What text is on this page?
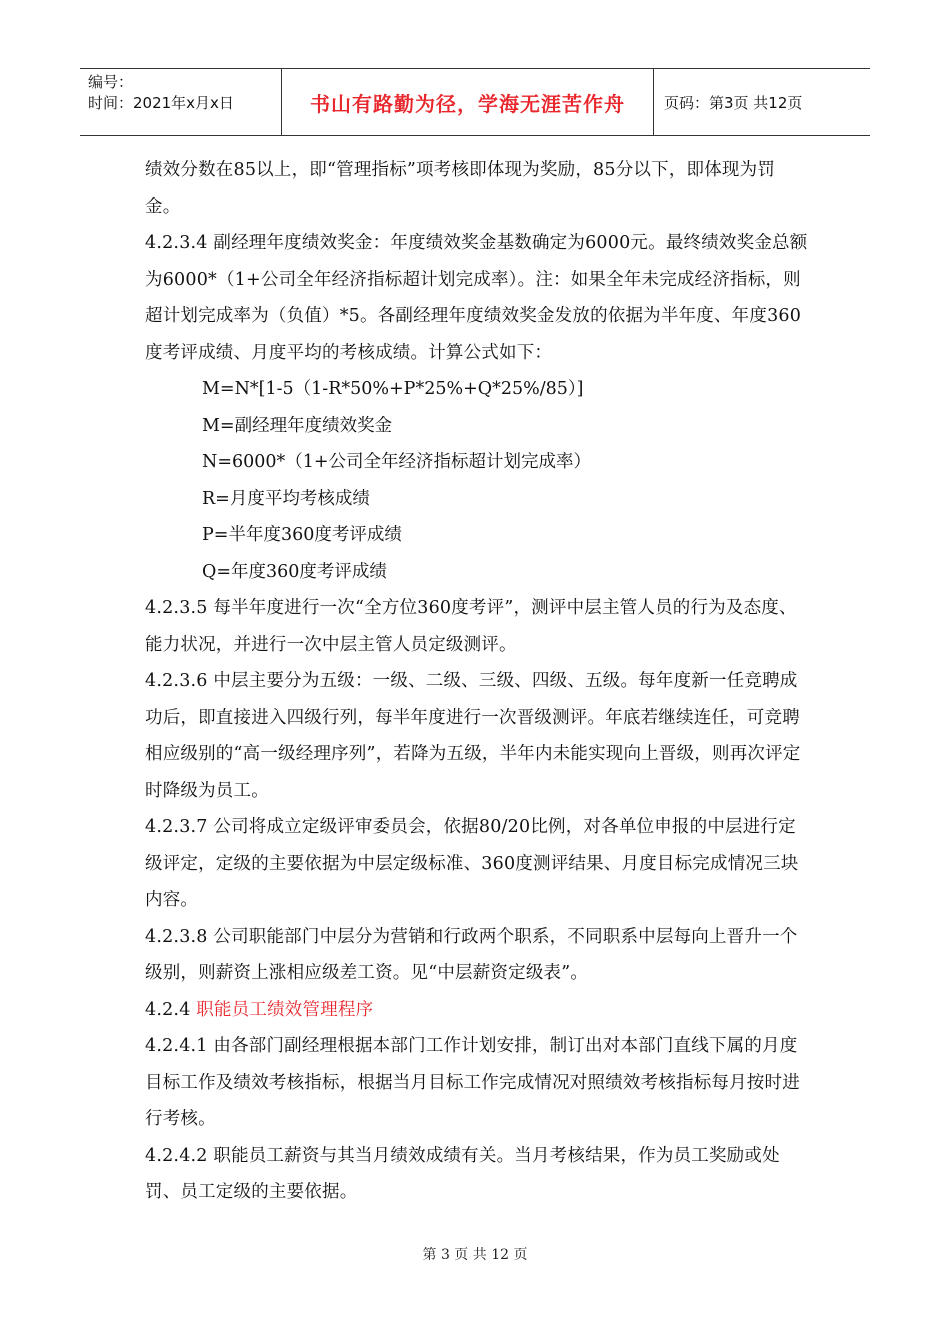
编号：
时间：2021年x月x日	书山有路勤为径，学海无涯苦作舟	页码：第3页 共12页

绩效分数在85以上，即“管理指标”项考核即体现为奖励，85分以下，即体现为罚金。

4.2.3.4 副经理年度绩效奖金：年度绩效奖金基数确定为6000元。最终绩效奖金总额为6000*（1+公司全年经济指标超计划完成率）。注：如果全年未完成经济指标，则超计划完成率为（负值）*5。各副经理年度绩效奖金发放的依据为半年度、年度360度考评成绩、月度平均的考核成绩。计算公式如下：

M=N*[1-5（1-R*50%+P*25%+Q*25%/85）]

M=副经理年度绩效奖金

N=6000*（1+公司全年经济指标超计划完成率）

R=月度平均考核成绩

P=半年度360度考评成绩

Q=年度360度考评成绩

4.2.3.5 每半年度进行一次“全方位360度考评”，测评中层主管人员的行为及态度、能力状况，并进行一次中层主管人员定级测评。

4.2.3.6 中层主要分为五级：一级、二级、三级、四级、五级。每年度新一任竞聘成功后，即直接进入四级行列，每半年度进行一次晋级测评。年底若继续连任，可竞聘相应级别的“高一级经理序列”，若降为五级，半年内未能实现向上晋级，则再次评定时降级为员工。

4.2.3.7 公司将成立定级评审委员会，依据80/20比例，对各单位申报的中层进行定级评定，定级的主要依据为中层定级标准、360度测评结果、月度目标完成情况三块内容。

4.2.3.8 公司职能部门中层分为营销和行政两个职系，不同职系中层每向上晋升一个级别，则薪资上涨相应级差工资。见“中层薪资定级表”。

4.2.4 职能员工绩效管理程序

4.2.4.1 由各部门副经理根据本部门工作计划安排，制订出对本部门直线下属的月度目标工作及绩效考核指标，根据当月目标工作完成情况对照绩效考核指标每月按时进行考核。

4.2.4.2 职能员工薪资与其当月绩效成绩有关。当月考核结果，作为员工奖励或处罚、员工定级的主要依据。

第 3 页 共 12 页
